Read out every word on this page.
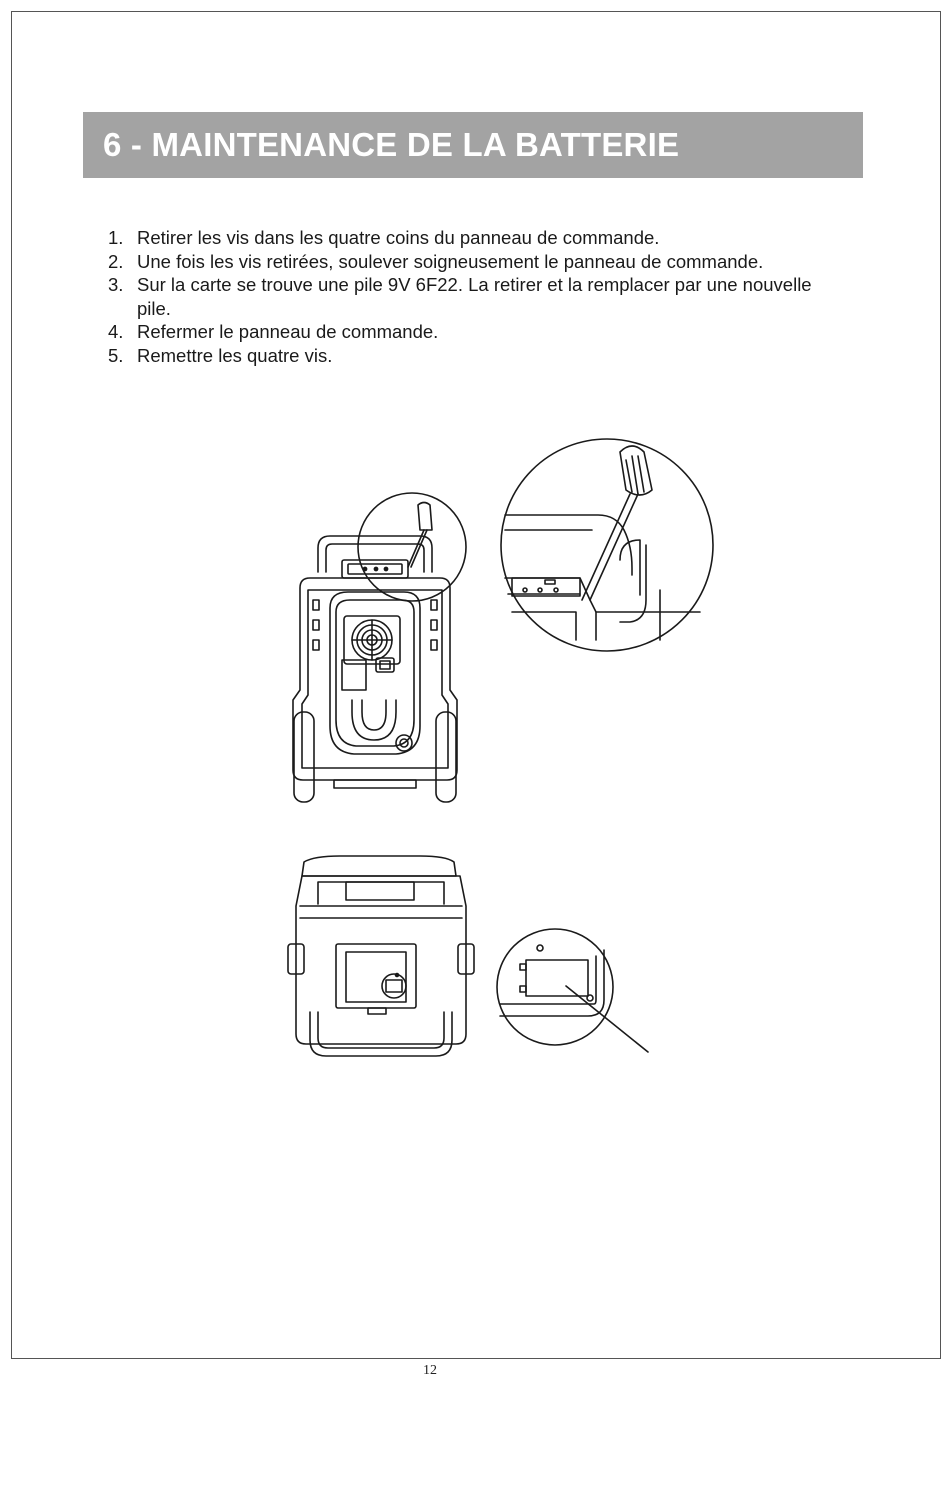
6 - MAINTENANCE DE LA BATTERIE
1. Retirer les vis dans les quatre coins du panneau de commande.
2. Une fois les vis retirées, soulever soigneusement le panneau de commande.
3. Sur la carte se trouve une pile 9V 6F22. La retirer et la remplacer par une nouvelle pile.
4. Refermer le panneau de commande.
5. Remettre les quatre vis.
12
